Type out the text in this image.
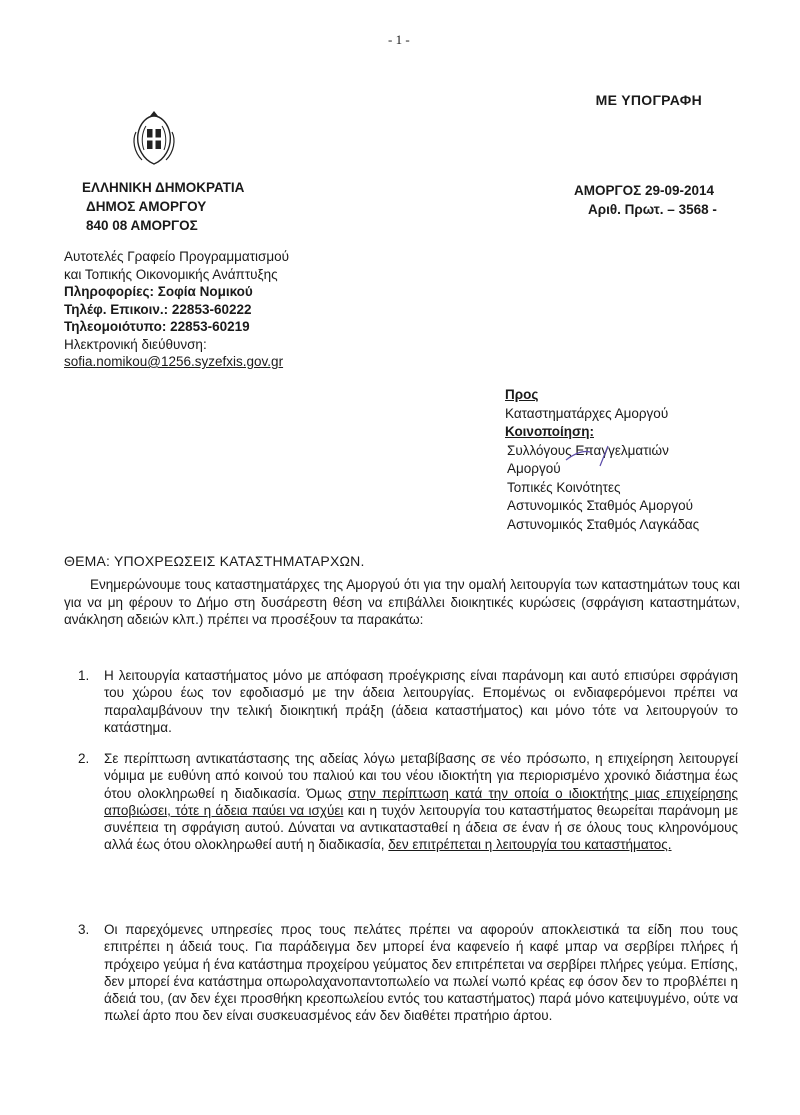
- 1 -
ΜΕ ΥΠΟΓΡΑΦΗ
ΕΛΛΗΝΙΚΗ ΔΗΜΟΚΡΑΤΙΑ
ΔΗΜΟΣ ΑΜΟΡΓΟΥ
840 08 ΑΜΟΡΓΟΣ
ΑΜΟΡΓΟΣ 29-09-2014
Αριθ. Πρωτ. – 3568 -
Αυτοτελές Γραφείο Προγραμματισμού
και Τοπικής Οικονομικής Ανάπτυξης
Πληροφορίες: Σοφία Νομικού
Τηλέφ. Επικοιν.: 22853-60222
Τηλεομοιότυπο: 22853-60219
Ηλεκτρονική διεύθυνση:
sofia.nomikou@1256.syzefxis.gov.gr
Προς
Καταστηματάρχες Αμοργού
Κοινοποίηση:
Συλλόγους Επαγγελματιών
Αμοργού
Τοπικές Κοινότητες
Αστυνομικός Σταθμός Αμοργού
Αστυνομικός Σταθμός Λαγκάδας
ΘΕΜΑ: ΥΠΟΧΡΕΩΣΕΙΣ ΚΑΤΑΣΤΗΜΑΤΑΡΧΩΝ.
Ενημερώνουμε τους καταστηματάρχες της Αμοργού ότι για την ομαλή λειτουργία των καταστημάτων τους και για να μη φέρουν το Δήμο στη δυσάρεστη θέση να επιβάλλει διοικητικές κυρώσεις (σφράγιση καταστημάτων, ανάκληση αδειών κλπ.) πρέπει να προσέξουν τα παρακάτω:
1. Η λειτουργία καταστήματος μόνο με απόφαση προέγκρισης είναι παράνομη και αυτό επισύρει σφράγιση του χώρου έως τον εφοδιασμό με την άδεια λειτουργίας. Επομένως οι ενδιαφερόμενοι πρέπει να παραλαμβάνουν την τελική διοικητική πράξη (άδεια καταστήματος) και μόνο τότε να λειτουργούν το κατάστημα.
2. Σε περίπτωση αντικατάστασης της αδείας λόγω μεταβίβασης σε νέο πρόσωπο, η επιχείρηση λειτουργεί νόμιμα με ευθύνη από κοινού του παλιού και του νέου ιδιοκτήτη για περιορισμένο χρονικό διάστημα έως ότου ολοκληρωθεί η διαδικασία. Όμως στην περίπτωση κατά την οποία ο ιδιοκτήτης μιας επιχείρησης αποβιώσει, τότε η άδεια παύει να ισχύει και η τυχόν λειτουργία του καταστήματος θεωρείται παράνομη με συνέπεια τη σφράγιση αυτού. Δύναται να αντικατασταθεί η άδεια σε έναν ή σε όλους τους κληρονόμους αλλά έως ότου ολοκληρωθεί αυτή η διαδικασία, δεν επιτρέπεται η λειτουργία του καταστήματος.
3. Οι παρεχόμενες υπηρεσίες προς τους πελάτες πρέπει να αφορούν αποκλειστικά τα είδη που τους επιτρέπει η άδειά τους. Για παράδειγμα δεν μπορεί ένα καφενείο ή καφέ μπαρ να σερβίρει πλήρες ή πρόχειρο γεύμα ή ένα κατάστημα προχείρου γεύματος δεν επιτρέπεται να σερβίρει πλήρες γεύμα. Επίσης, δεν μπορεί ένα κατάστημα οπωρολαχανοπαντοπωλείο να πωλεί νωπό κρέας εφ όσον δεν το προβλέπει η άδειά του, (αν δεν έχει προσθήκη κρεοπωλείου εντός του καταστήματος) παρά μόνο κατεψυγμένο, ούτε να πωλεί άρτο που δεν είναι συσκευασμένος εάν δεν διαθέτει πρατήριο άρτου.
